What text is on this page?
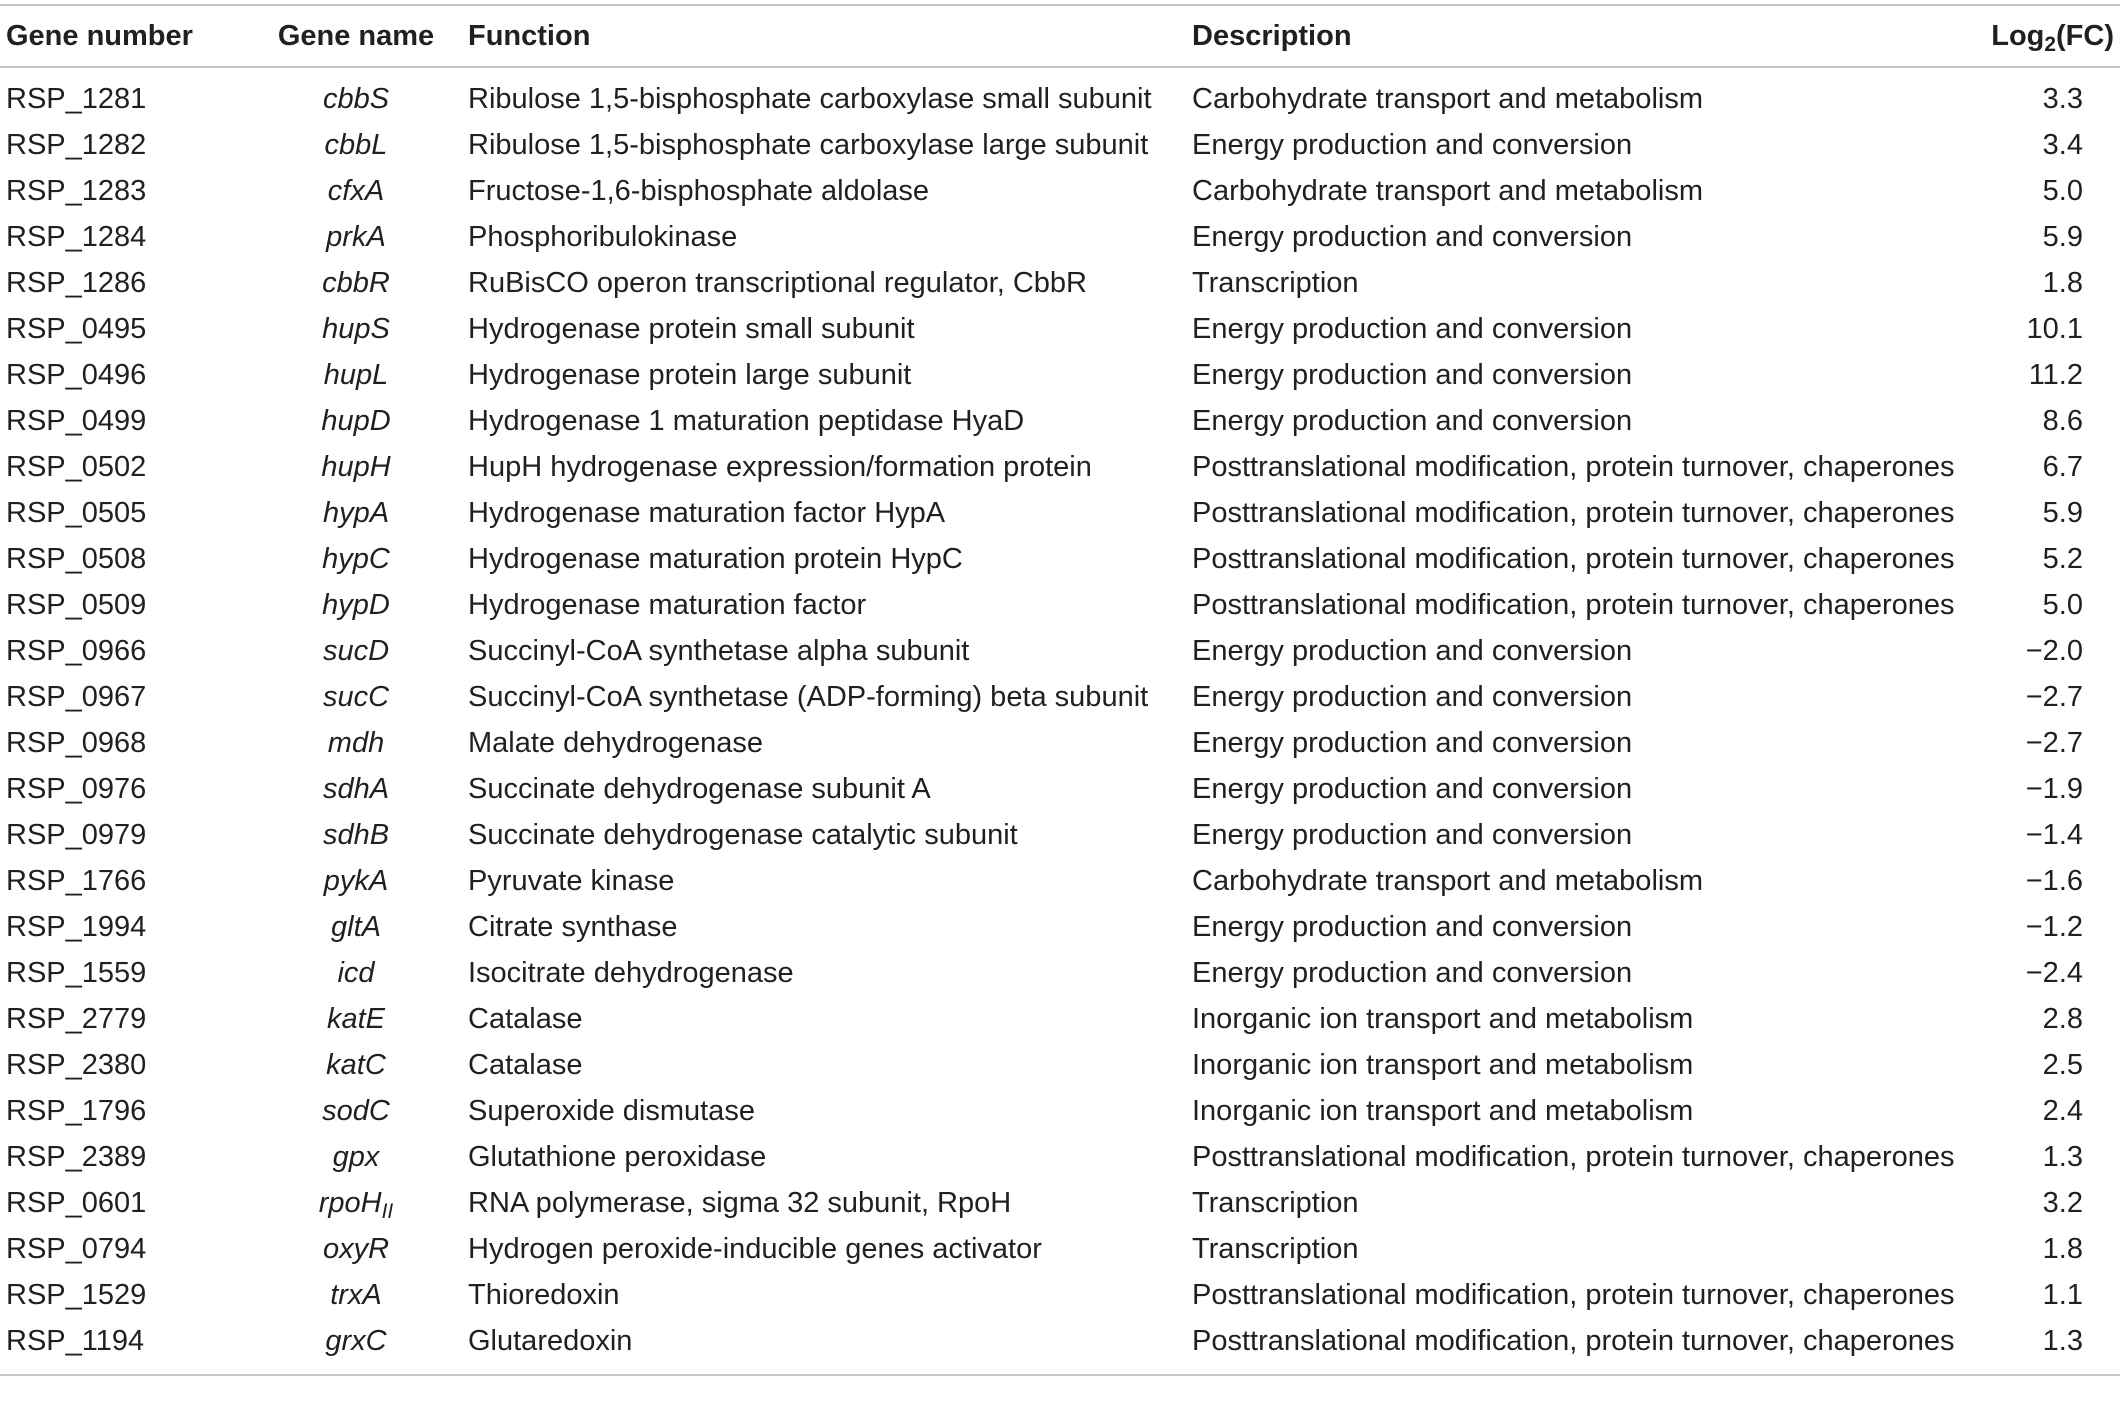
Gene number	Gene name	Function	Description	Log$_2$(FC)
RSP_1281	cbbS	Ribulose 1,5-bisphosphate carboxylase small subunit	Carbohydrate transport and metabolism	3.3
RSP_1282	cbbL	Ribulose 1,5-bisphosphate carboxylase large subunit	Energy production and conversion	3.4
RSP_1283	cfxA	Fructose-1,6-bisphosphate aldolase	Carbohydrate transport and metabolism	5.0
RSP_1284	prkA	Phosphoribulokinase	Energy production and conversion	5.9
RSP_1286	cbbR	RuBisCO operon transcriptional regulator, CbbR	Transcription	1.8
RSP_0495	hupS	Hydrogenase protein small subunit	Energy production and conversion	10.1
RSP_0496	hupL	Hydrogenase protein large subunit	Energy production and conversion	11.2
RSP_0499	hupD	Hydrogenase 1 maturation peptidase HyaD	Energy production and conversion	8.6
RSP_0502	hupH	HupH hydrogenase expression/formation protein	Posttranslational modification, protein turnover, chaperones	6.7
RSP_0505	hypA	Hydrogenase maturation factor HypA	Posttranslational modification, protein turnover, chaperones	5.9
RSP_0508	hypC	Hydrogenase maturation protein HypC	Posttranslational modification, protein turnover, chaperones	5.2
RSP_0509	hypD	Hydrogenase maturation factor	Posttranslational modification, protein turnover, chaperones	5.0
RSP_0966	sucD	Succinyl-CoA synthetase alpha subunit	Energy production and conversion	−2.0
RSP_0967	sucC	Succinyl-CoA synthetase (ADP-forming) beta subunit	Energy production and conversion	−2.7
RSP_0968	mdh	Malate dehydrogenase	Energy production and conversion	−2.7
RSP_0976	sdhA	Succinate dehydrogenase subunit A	Energy production and conversion	−1.9
RSP_0979	sdhB	Succinate dehydrogenase catalytic subunit	Energy production and conversion	−1.4
RSP_1766	pykA	Pyruvate kinase	Carbohydrate transport and metabolism	−1.6
RSP_1994	gltA	Citrate synthase	Energy production and conversion	−1.2
RSP_1559	icd	Isocitrate dehydrogenase	Energy production and conversion	−2.4
RSP_2779	katE	Catalase	Inorganic ion transport and metabolism	2.8
RSP_2380	katC	Catalase	Inorganic ion transport and metabolism	2.5
RSP_1796	sodC	Superoxide dismutase	Inorganic ion transport and metabolism	2.4
RSP_2389	gpx	Glutathione peroxidase	Posttranslational modification, protein turnover, chaperones	1.3
RSP_0601	rpoH$_{II}$	RNA polymerase, sigma 32 subunit, RpoH	Transcription	3.2
RSP_0794	oxyR	Hydrogen peroxide-inducible genes activator	Transcription	1.8
RSP_1529	trxA	Thioredoxin	Posttranslational modification, protein turnover, chaperones	1.1
RSP_1194	grxC	Glutaredoxin	Posttranslational modification, protein turnover, chaperones	1.3
